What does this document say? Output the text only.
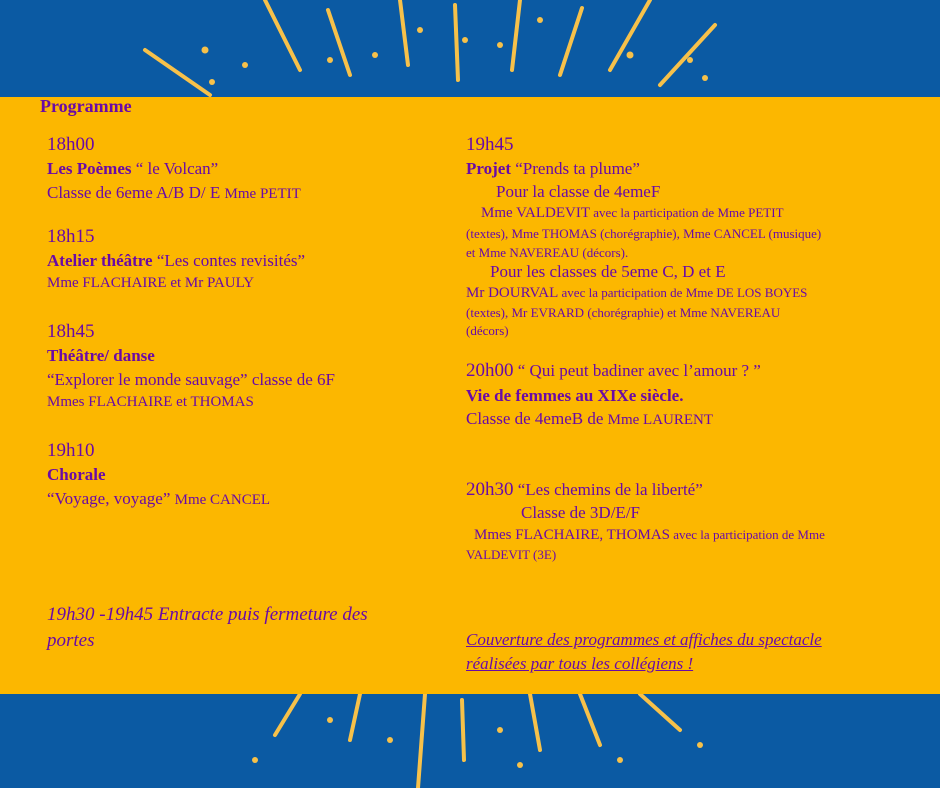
Programme
18h00
Les Poèmes “ le Volcan”
Classe de 6eme A/B D/ E Mme PETIT
18h15
Atelier théâtre “Les contes revisités”
Mme FLACHAIRE et Mr PAULY
18h45
Théâtre/ danse
“Explorer le monde sauvage” classe de 6F
Mmes FLACHAIRE et THOMAS
19h10
Chorale
“Voyage, voyage” Mme CANCEL
19h30 -19h45 Entracte puis fermeture des
portes
19h45
Projet “Prends ta plume”
Pour la classe de 4emeF
Mme VALDEVIT avec la participation de Mme PETIT
(textes), Mme THOMAS (chorégraphie), Mme CANCEL (musique)
et Mme NAVEREAU (décors).
Pour les classes de 5eme C, D et E
Mr DOURVAL avec la participation de Mme DE LOS BOYES
(textes), Mr EVRARD (chorégraphie) et Mme NAVEREAU
(décors)
20h00 “ Qui peut badiner avec l’amour ? ”
Vie de femmes au XIXe siècle.
Classe de 4emeB de Mme LAURENT
20h30 “Les chemins de la liberté”
Classe de 3D/E/F
Mmes FLACHAIRE, THOMAS avec la participation de Mme
VALDEVIT (3E)
Couverture des programmes et affiches du spectacle
réalisées par tous les collégiens !
